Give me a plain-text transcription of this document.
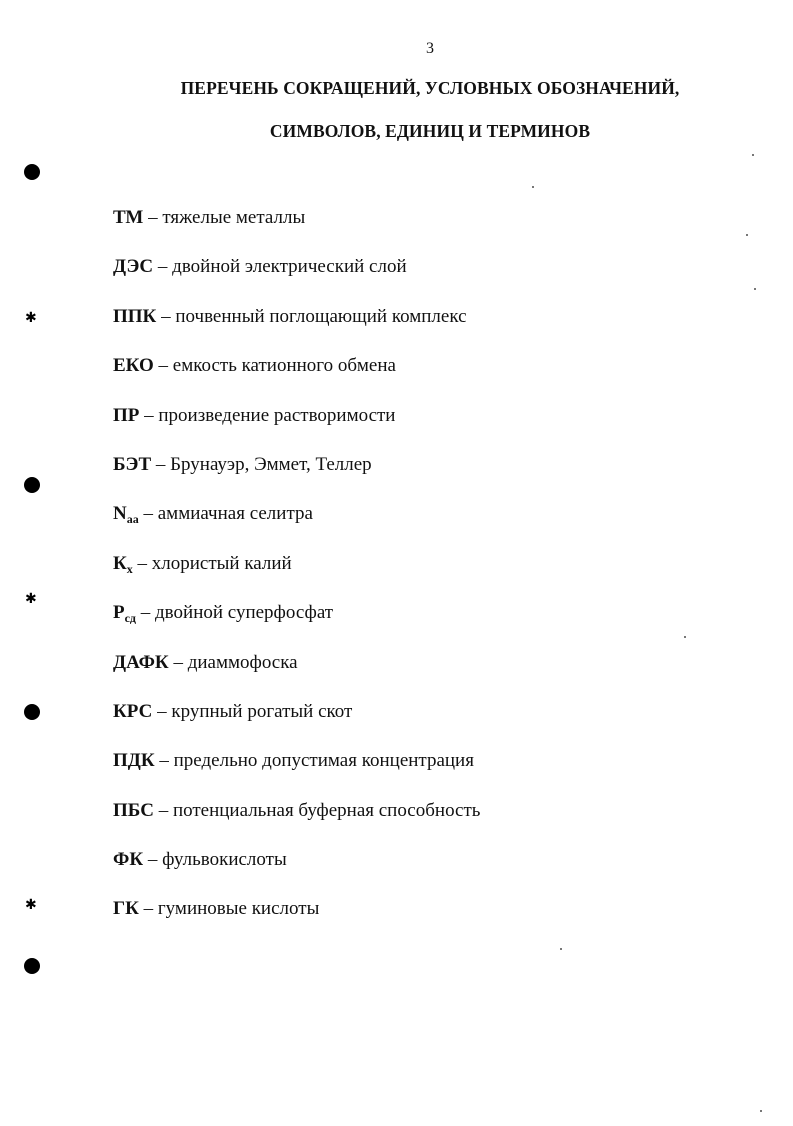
3
ПЕРЕЧЕНЬ СОКРАЩЕНИЙ, УСЛОВНЫХ ОБОЗНАЧЕНИЙ,
СИМВОЛОВ, ЕДИНИЦ И ТЕРМИНОВ
ТМ – тяжелые металлы
ДЭС – двойной электрический слой
ППК – почвенный поглощающий комплекс
ЕКО – емкость катионного обмена
ПР – произведение растворимости
БЭТ – Брунауэр, Эммет, Теллер
$N_{аа}$ – аммиачная селитра
$К_х$ – хлористый калий
$Р_{сд}$ – двойной суперфосфат
ДАФК – диаммофоска
КРС – крупный рогатый скот
ПДК – предельно допустимая концентрация
ПБС – потенциальная буферная способность
ФК – фульвокислоты
ГК – гуминовые кислоты
✱
✱
✱
